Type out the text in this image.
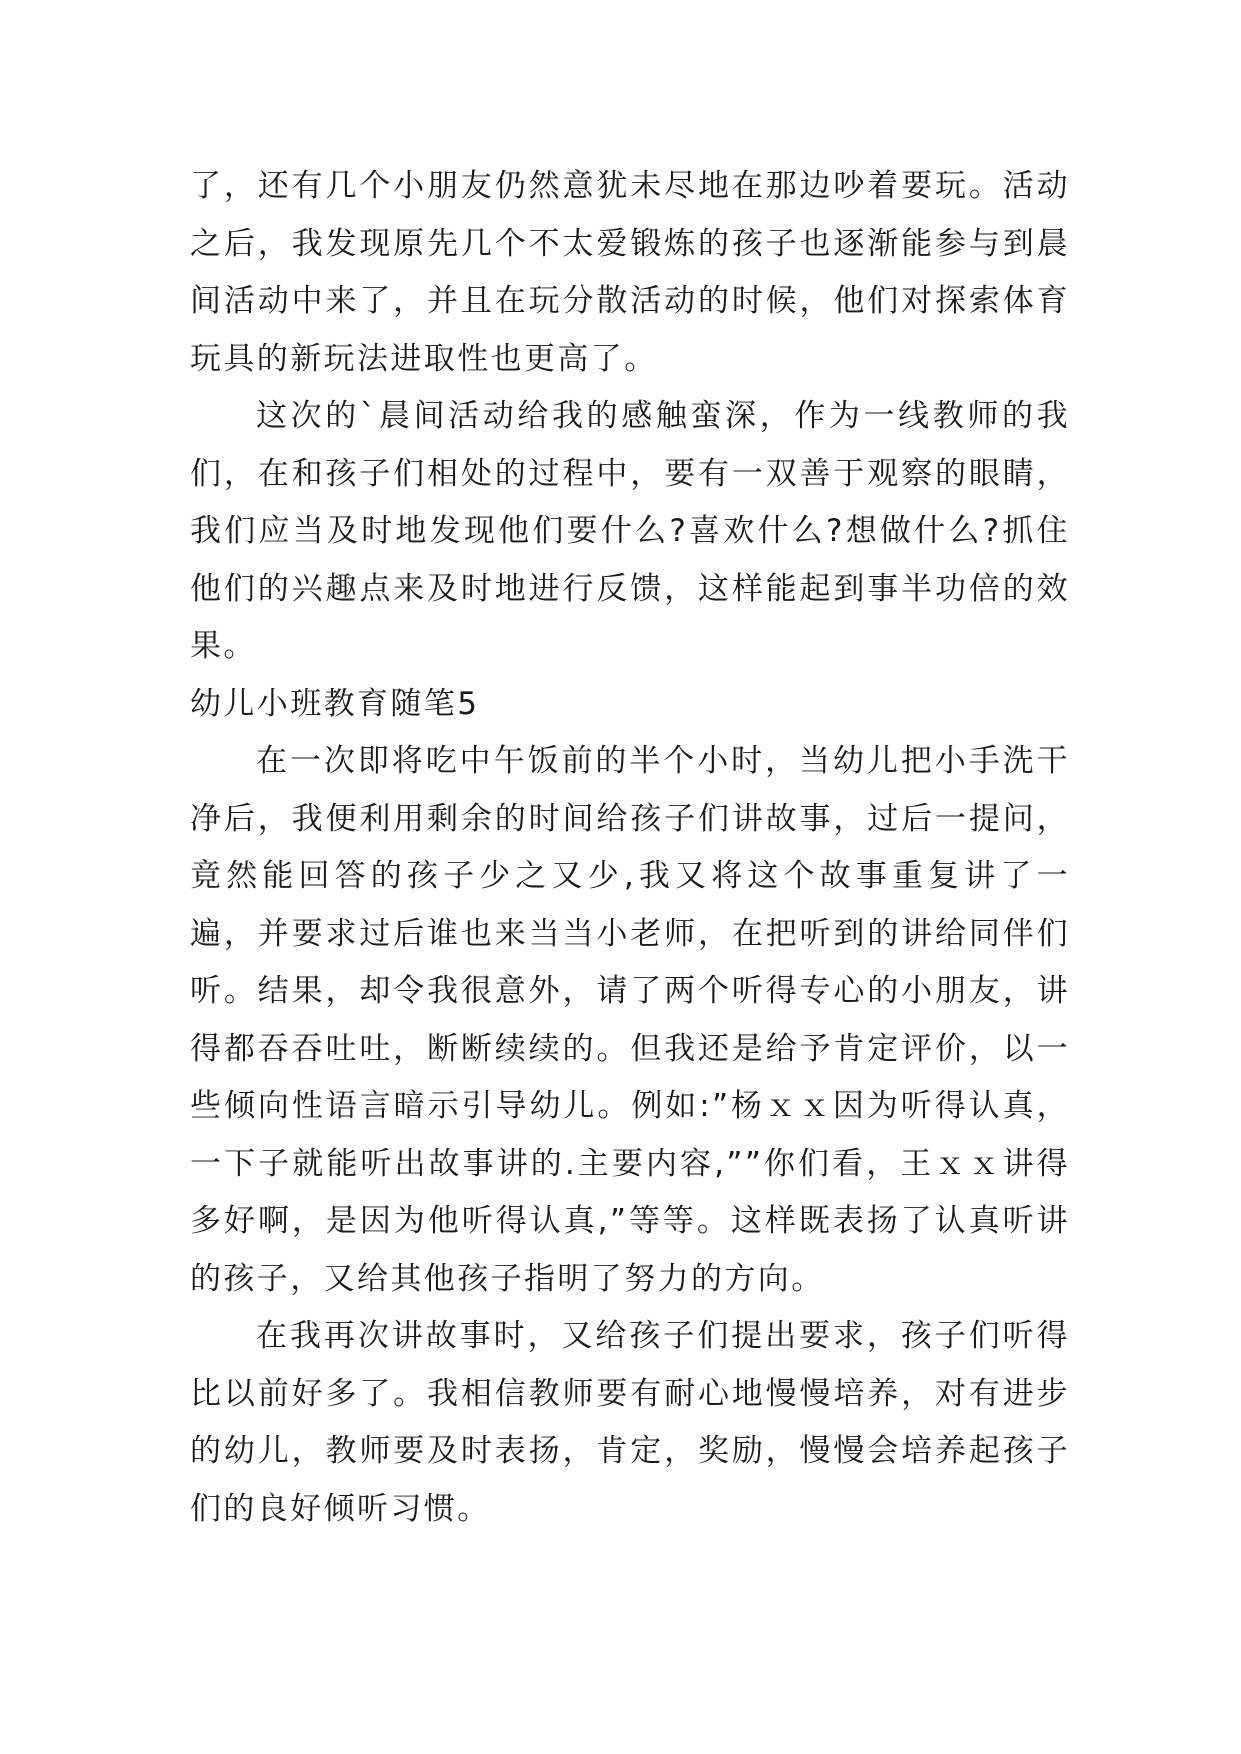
了，还有几个小朋友仍然意犹未尽地在那边吵着要玩。活动之后，我发现原先几个不太爱锻炼的孩子也逐渐能参与到晨间活动中来了，并且在玩分散活动的时候，他们对探索体育玩具的新玩法进取性也更高了。

这次的`晨间活动给我的感触蛮深，作为一线教师的我们，在和孩子们相处的过程中，要有一双善于观察的眼睛，我们应当及时地发现他们要什么?喜欢什么?想做什么?抓住他们的兴趣点来及时地进行反馈，这样能起到事半功倍的效果。

幼儿小班教育随笔5

在一次即将吃中午饭前的半个小时，当幼儿把小手洗干净后，我便利用剩余的时间给孩子们讲故事，过后一提问，竟然能回答的孩子少之又少,我又将这个故事重复讲了一遍，并要求过后谁也来当当小老师，在把听到的讲给同伴们听。结果，却令我很意外，请了两个听得专心的小朋友，讲得都吞吞吐吐，断断续续的。但我还是给予肯定评价，以一些倾向性语言暗示引导幼儿。例如:”杨ｘｘ因为听得认真，一下子就能听出故事讲的.主要内容,””你们看，王ｘｘ讲得多好啊，是因为他听得认真,”等等。这样既表扬了认真听讲的孩子，又给其他孩子指明了努力的方向。

在我再次讲故事时，又给孩子们提出要求，孩子们听得比以前好多了。我相信教师要有耐心地慢慢培养，对有进步的幼儿，教师要及时表扬，肯定，奖励，慢慢会培养起孩子们的良好倾听习惯。
